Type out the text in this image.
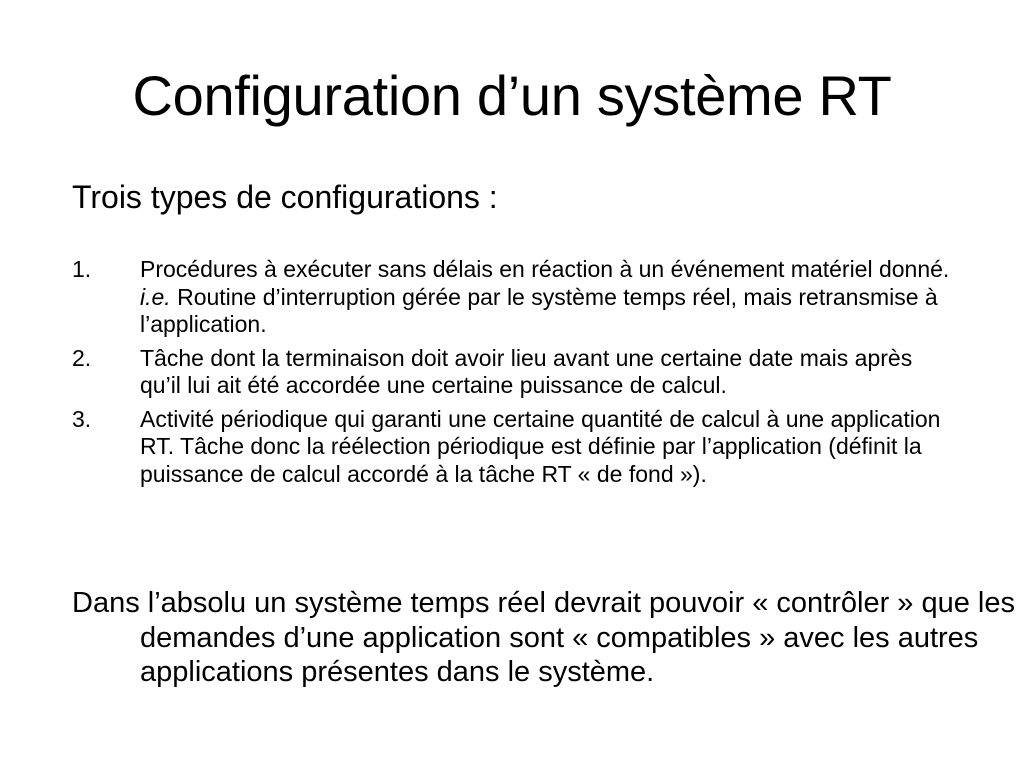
Configuration d’un système RT

Trois types de configurations :

1. Procédures à exécuter sans délais en réaction à un événement matériel donné. i.e. Routine d’interruption gérée par le système temps réel, mais retransmise à l’application.
2. Tâche dont la terminaison doit avoir lieu avant une certaine date mais après qu’il lui ait été accordée une certaine puissance de calcul.
3. Activité périodique qui garanti une certaine quantité de calcul à une application RT. Tâche donc la réélection périodique est définie par l’application (définit la puissance de calcul accordé à la tâche RT « de fond »).

Dans l’absolu un système temps réel devrait pouvoir « contrôler » que les demandes d’une application sont « compatibles » avec les autres applications présentes dans le système.
